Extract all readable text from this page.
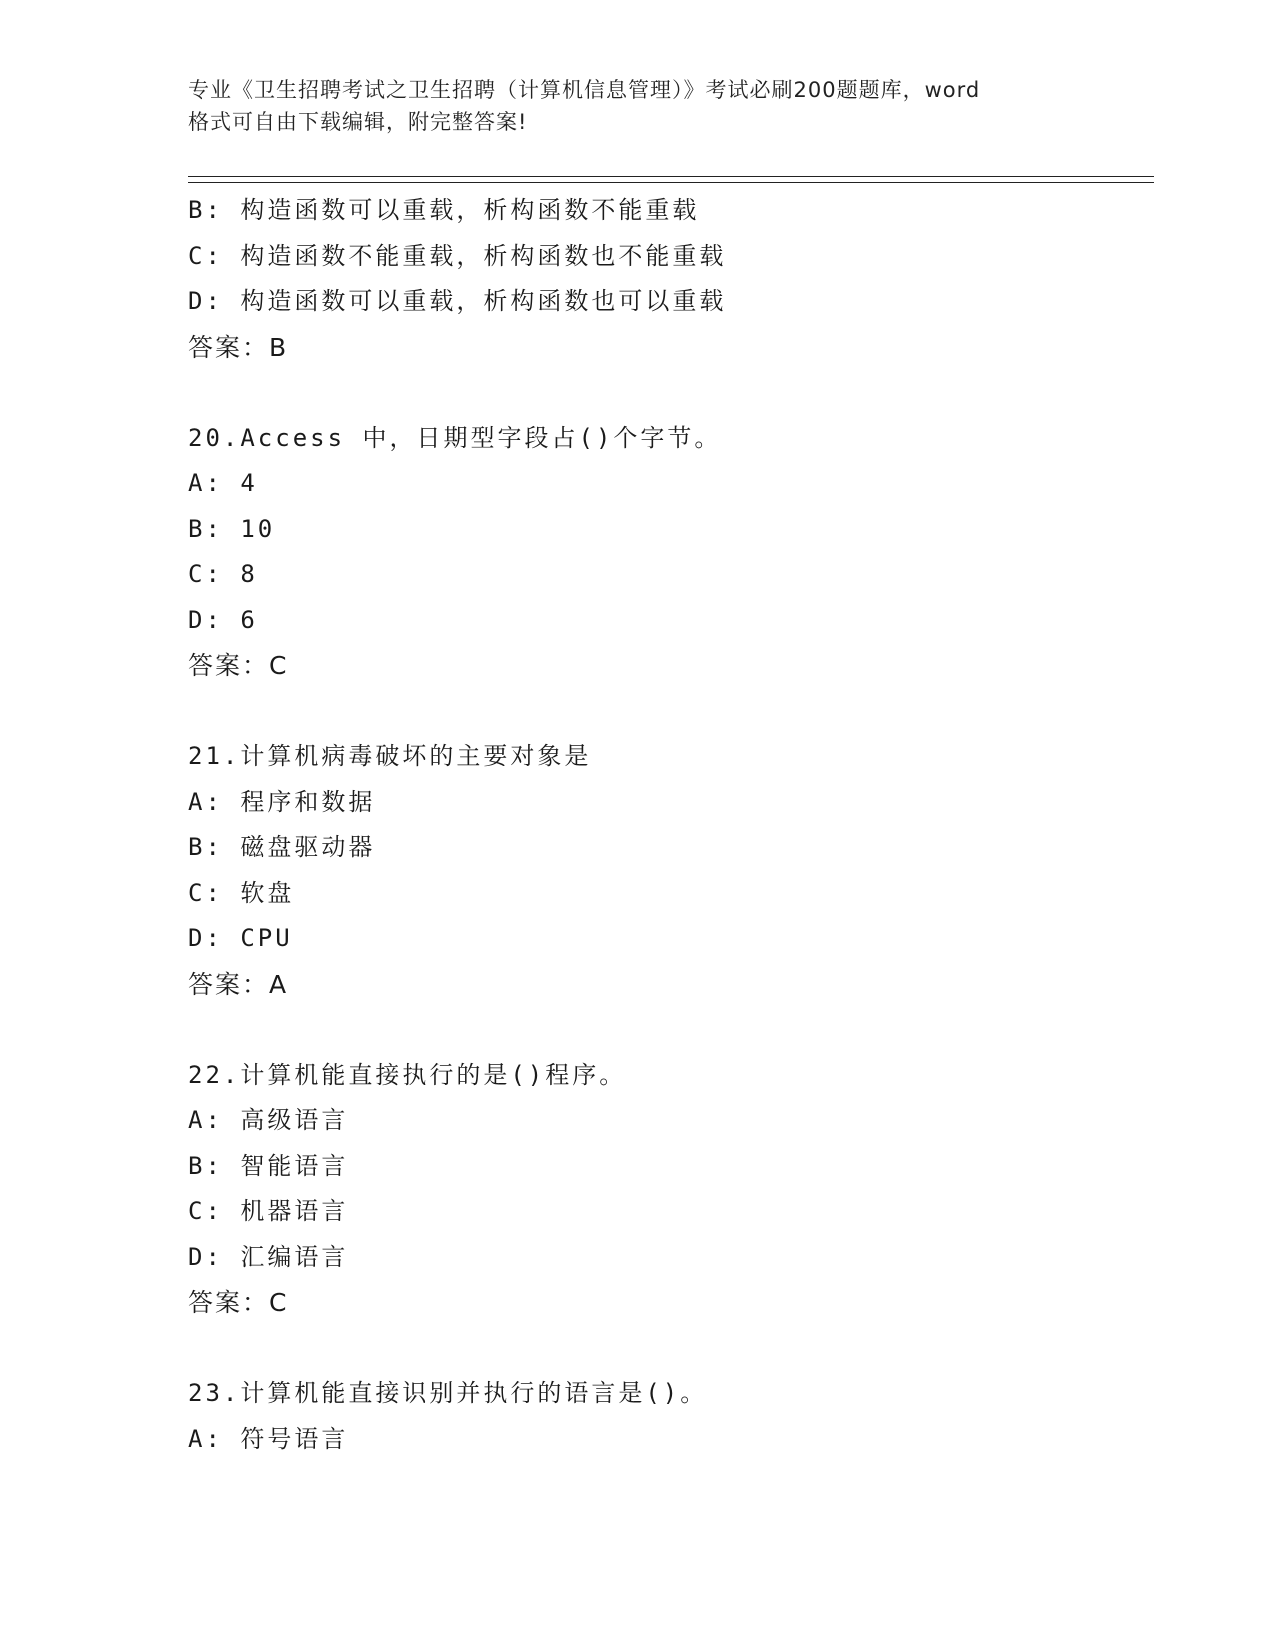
专业《卫生招聘考试之卫生招聘（计算机信息管理）》考试必刷200题题库，word
格式可自由下载编辑，附完整答案!
B: 构造函数可以重载，析构函数不能重载
C: 构造函数不能重载，析构函数也不能重载
D: 构造函数可以重载，析构函数也可以重载
答案：B
20.Access 中，日期型字段占()个字节。
A: 4
B: 10
C: 8
D: 6
答案：C
21.计算机病毒破坏的主要对象是
A: 程序和数据
B: 磁盘驱动器
C: 软盘
D: CPU
答案：A
22.计算机能直接执行的是()程序。
A: 高级语言
B: 智能语言
C: 机器语言
D: 汇编语言
答案：C
23.计算机能直接识别并执行的语言是()。
A: 符号语言
